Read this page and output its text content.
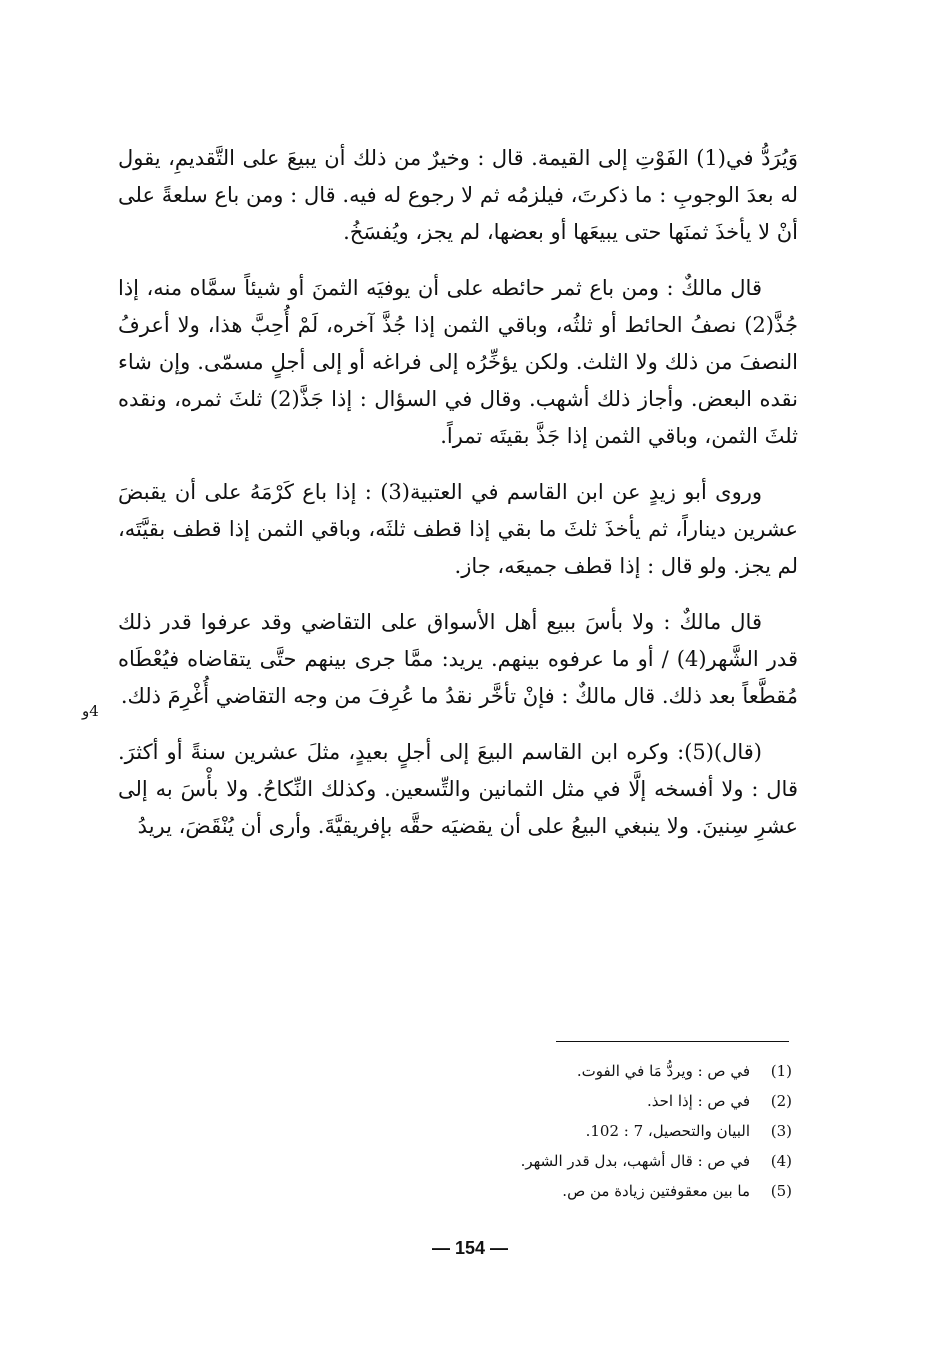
وَيُرَدُّ في(1) الفَوْتِ إلى القيمة. قال : وخيرٌ من ذلك أن يبيعَ على التَّقديمِ، يقول له بعدَ الوجوبِ : ما ذكرتَ، فيلزمُه ثم لا رجوع له فيه. قال : ومن باع سلعةً على أنْ لا يأخذَ ثمنَها حتى يبيعَها أو بعضها، لم يجز، ويُفسَخُ.

قال مالكٌ : ومن باع ثمر حائطه على أن يوفيَه الثمنَ أو شيئاً سمَّاه منه، إذا جُذَّ(2) نصفُ الحائط أو ثلثُه، وباقي الثمن إذا جُذَّ آخره، لَمْ أُحِبَّ هذا، ولا أعرفُ النصفَ من ذلك ولا الثلث. ولكن يؤخِّرُه إلى فراغه أو إلى أجلٍ مسمّى. وإن شاء نقده البعض. وأجاز ذلك أشهب. وقال في السؤال : إذا جَذَّ(2) ثلثَ ثمره، ونقده ثلثَ الثمن، وباقي الثمن إذا جَذَّ بقيتَه تمراً.

وروى أبو زيدٍ عن ابن القاسم في العتبية(3) : إذا باع كَرْمَهُ على أن يقبضَ عشرين ديناراً، ثم يأخذَ ثلثَ ما بقي إذا قطف ثلثَه، وباقي الثمن إذا قطف بقيَّتَه، لم يجز. ولو قال : إذا قطف جميعَه، جاز.

قال مالكٌ : ولا بأسَ ببيع أهل الأسواق على التقاضي وقد عرفوا قدر ذلك قدر الشَّهر(4) / أو ما عرفوه بينهم. يريد: ممَّا جرى بينهم حتَّى يتقاضاه فيُعْطَاه مُقطَّعاً بعد ذلك. قال مالكٌ : فإنْ تأخَّر نقدُ ما عُرِفَ من وجه التقاضي أُغْرِمَ ذلك.

(قال)(5): وكره ابن القاسم البيعَ إلى أجلٍ بعيدٍ، مثلَ عشرين سنةً أو أكثرَ. قال : ولا أفسخه إلَّا في مثل الثمانين والتِّسعين. وكذلك النِّكاحُ. ولا بأْسَ به إلى عشرِ سِنينَ. ولا ينبغي البيعُ على أن يقضيَه حقَّه بإفريقيَّةَ. وأرى أن يُنْقَضَ، يريدُ

4و
(1)
في ص : ويردُّ مَا في الفوت.
(2)
في ص : إذا احذ.
(3)
البيان والتحصيل، 7 : 102.
(4)
في ص : قال أشهب، بدل قدر الشهر.
(5)
ما بين معقوفتين زيادة من ص.
— 154 —
